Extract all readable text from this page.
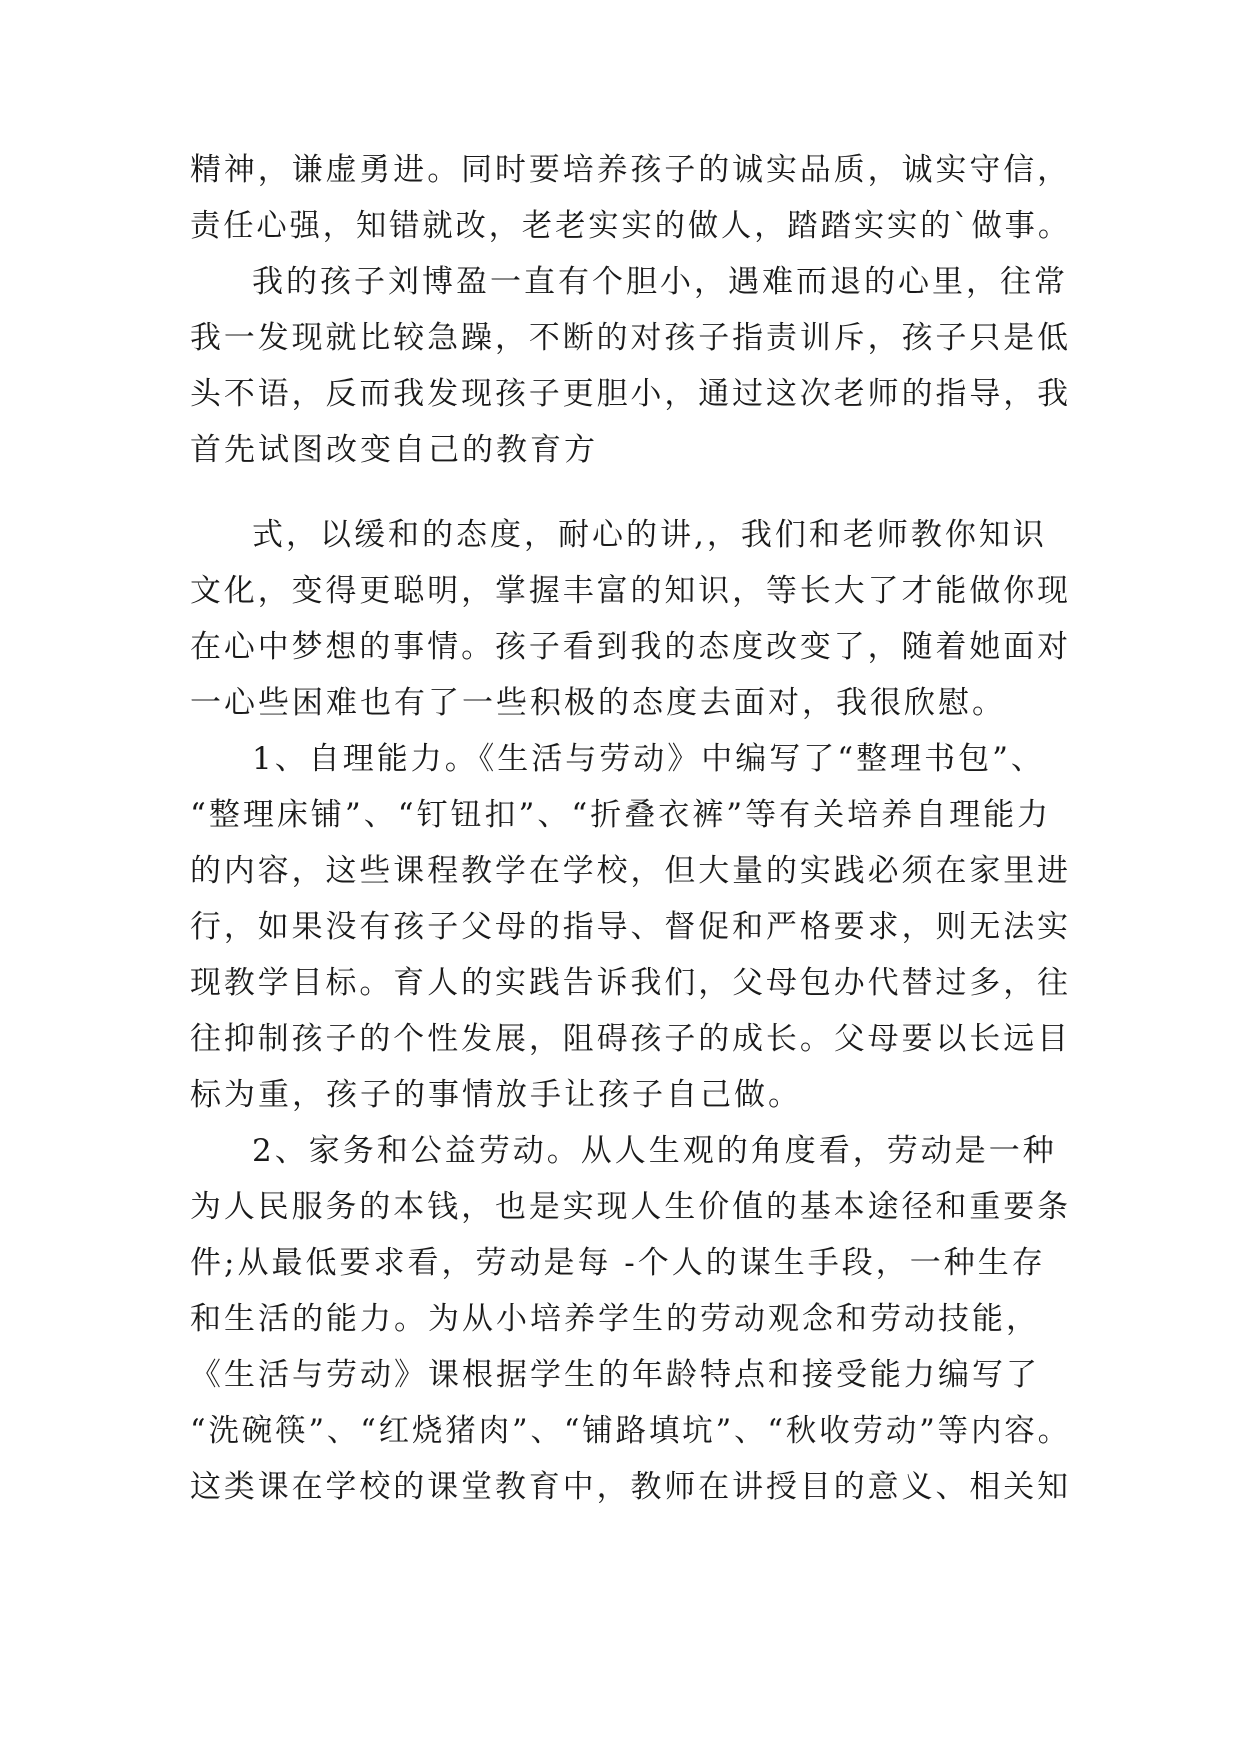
精神，谦虚勇进。同时要培养孩子的诚实品质，诚实守信，
责任心强，知错就改，老老实实的做人，踏踏实实的`做事。
我的孩子刘博盈一直有个胆小，遇难而退的心里，往常
我一发现就比较急躁，不断的对孩子指责训斥，孩子只是低
头不语，反而我发现孩子更胆小，通过这次老师的指导，我
首先试图改变自己的教育方
式，以缓和的态度，耐心的讲,，我们和老师教你知识
文化，变得更聪明，掌握丰富的知识，等长大了才能做你现
在心中梦想的事情。孩子看到我的态度改变了，随着她面对
一心些困难也有了一些积极的态度去面对，我很欣慰。
1、自理能力。《生活与劳动》中编写了“整理书包”、
“整理床铺”、“钉钮扣”、“折叠衣裤”等有关培养自理能力
的内容，这些课程教学在学校，但大量的实践必须在家里进
行，如果没有孩子父母的指导、督促和严格要求，则无法实
现教学目标。育人的实践告诉我们，父母包办代替过多，往
往抑制孩子的个性发展，阻碍孩子的成长。父母要以长远目
标为重，孩子的事情放手让孩子自己做。
2、家务和公益劳动。从人生观的角度看，劳动是一种
为人民服务的本钱，也是实现人生价值的基本途径和重要条
件;从最低要求看，劳动是每 -个人的谋生手段，一种生存
和生活的能力。为从小培养学生的劳动观念和劳动技能，
《生活与劳动》课根据学生的年龄特点和接受能力编写了
“洗碗筷”、“红烧猪肉”、“铺路填坑”、“秋收劳动”等内容。
这类课在学校的课堂教育中，教师在讲授目的意义、相关知
